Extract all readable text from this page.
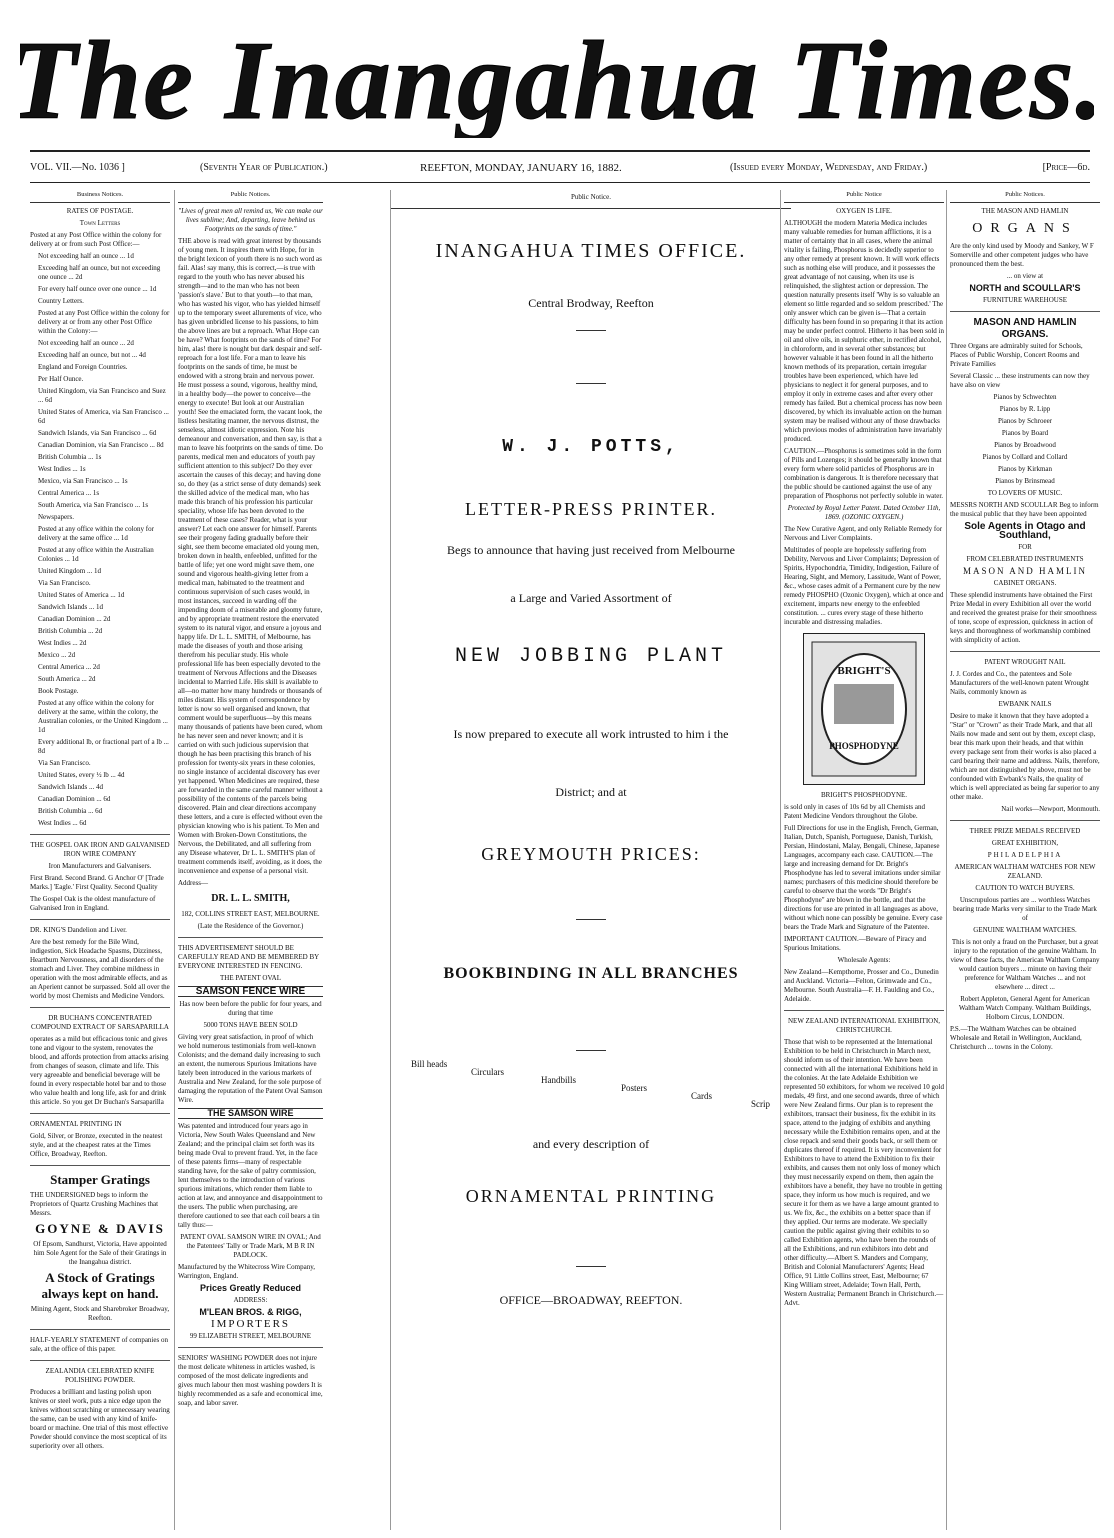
The Inangahua Times.
VOL. VII.—No. 1036 ]	(Seventh Year of Publication.)	REEFTON, MONDAY, JANUARY 16, 1882.	(Issued every Monday, Wednesday, and Friday.)	[Price—6d.
Business Notices.

RATES OF POSTAGE.

Town Letters

Posted at any Post Office within the colony for delivery at or from such Post Office:—

Not exceeding half an ounce ... 1d

Exceeding half an ounce, but not exceeding one ounce ... 2d

For every half ounce over one ounce ... 1d

Country Letters.

Posted at any Post Office within the colony for delivery at or from any other Post Office within the Colony:—

Not exceeding half an ounce ... 2d

Exceeding half an ounce, but not ... 4d

England and Foreign Countries.

Per Half Ounce.

United Kingdom, via San Francisco and Suez ... 6d

United States of America, via San Francisco ... 6d

Sandwich Islands, via San Francisco ... 6d

Canadian Dominion, via San Francisco ... 8d

British Columbia ... 1s

West Indies ... 1s

Mexico, via San Francisco ... 1s

Central America ... 1s

South America, via San Francisco ... 1s

Newspapers.

Posted at any office within the colony for delivery at the same office ... 1d

Posted at any office within the Australian Colonies ... 1d

United Kingdom ... 1d

Via San Francisco.

United States of America ... 1d

Sandwich Islands ... 1d

Canadian Dominion ... 2d

British Columbia ... 2d

West Indies ... 2d

Mexico ... 2d

Central America ... 2d

South America ... 2d

Book Postage.

Posted at any office within the colony for delivery at the same, within the colony, the Australian colonies, or the United Kingdom ... 1d

Every additional lb, or fractional part of a lb ... 8d

Via San Francisco.

United States, every ½ lb ... 4d

Sandwich Islands ... 4d

Canadian Dominion ... 6d

British Columbia ... 6d

West Indies ... 6d

THE GOSPEL OAK IRON AND GALVANISED IRON WIRE COMPANY

Iron Manufacturers and Galvanisers.

First Brand. Second Brand. G Anchor O' [Trade Marks.] 'Eagle.' First Quality. Second Quality

The Gospel Oak is the oldest manufacture of Galvanised Iron in England.

DR. KING'S Dandelion and Liver.

Are the best remedy for the Bile Wind, indigestion, Sick Headache Spasms, Dizziness, Heartburn Nervousness, and all disorders of the stomach and Liver. They combine mildness in operation with the most admirable effects, and as an Aperient cannot be surpassed. Sold all over the world by most Chemists and Medicine Vendors.

DR BUCHAN'S CONCENTRATED COMPOUND EXTRACT OF SARSAPARILLA

operates as a mild but efficacious tonic and gives tone and vigour to the system, renovates the blood, and affords protection from attacks arising from changes of season, climate and life. This very agreeable and beneficial beverage will be found in every respectable hotel bar and to those who value health and long life, ask for and drink this article. So you get Dr Buchan's Sarsaparilla

ORNAMENTAL PRINTING IN

Gold, Silver, or Bronze, executed in the neatest style, and at the cheapest rates at the Times Office, Broadway, Reefton.

Stamper Gratings

THE UNDERSIGNED begs to inform the Proprietors of Quartz Crushing Machines that Messrs.

GOYNE & DAVIS

Of Epsom, Sandhurst, Victoria, Have appointed him Sole Agent for the Sale of their Gratings in the Inangahua district.

A Stock of Gratings always kept on hand.

Mining Agent, Stock and Sharebroker Broadway, Reefton.

HALF-YEARLY STATEMENT of companies on sale, at the office of this paper.

ZEALANDIA CELEBRATED KNIFE POLISHING POWDER.

Produces a brilliant and lasting polish upon knives or steel work, puts a nice edge upon the knives without scratching or unnecessary wearing the same, can be used with any kind of knife-board or machine. One trial of this most effective Powder should convince the most sceptical of its superiority over all others.

Public Notices.

"Lives of great men all remind us, We can make our lives sublime; And, departing, leave behind us Footprints on the sands of time."

THE above is read with great interest by thousands of young men. It inspires them with Hope, for in the bright lexicon of youth there is no such word as fail. Alas! say many, this is correct,—is true with regard to the youth who has never abused his strength—and to the man who has not been 'passion's slave.' But to that youth—to that man, who has wasted his vigor, who has yielded himself up to the temporary sweet allurements of vice, who has given unbridled license to his passions, to him the above lines are but a reproach. What Hope can be have? What footprints on the sands of time? For him, alas! there is nought but dark despair and self-reproach for a lost life. For a man to leave his footprints on the sands of time, he must be endowed with a strong brain and nervous power. He must possess a sound, vigorous, healthy mind, in a healthy body—the power to conceive—the energy to execute! But look at our Australian youth! See the emaciated form, the vacant look, the listless hesitating manner, the nervous distrust, the senseless, almost idiotic expression. Note his demeanour and conversation, and then say, is that a man to leave his footprints on the sands of time. Do parents, medical men and educators of youth pay sufficient attention to this subject? Do they ever ascertain the causes of this decay; and having done so, do they (as a strict sense of duty demands) seek the skilled advice of the medical man, who has made this branch of his profession his particular speciality, whose life has been devoted to the treatment of these cases? Reader, what is your answer? Let each one answer for himself. Parents see their progeny fading gradually before their sight, see them become emaciated old young men, broken down in health, enfeebled, unfitted for the battle of life; yet one word might save them, one sound and vigorous health-giving letter from a medical man, habituated to the treatment and continuous supervision of such cases would, in most instances, succeed in warding off the impending doom of a miserable and gloomy future, and by appropriate treatment restore the enervated system to its natural vigor, and ensure a joyous and happy life. Dr L. L. SMITH, of Melbourne, has made the diseases of youth and those arising therefrom his peculiar study. His whole professional life has been especially devoted to the treatment of Nervous Affections and the Diseases incidental to Married Life. His skill is available to all—no matter how many hundreds or thousands of miles distant. His system of correspondence by letter is now so well organised and known, that comment would be superfluous—by this means many thousands of patients have been cured, whom he has never seen and never known; and it is carried on with such judicious supervision that though he has been practising this branch of his profession for twenty-six years in these colonies, no single instance of accidental discovery has ever yet happened. When Medicines are required, these are forwarded in the same careful manner without a possibility of the contents of the parcels being discovered. Plain and clear directions accompany these letters, and a cure is effected without even the physician knowing who is his patient. To Men and Women with Broken-Down Constitutions, the Nervous, the Debilitated, and all suffering from any Disease whatever, Dr L. L. SMITH'S plan of treatment commends itself, avoiding, as it does, the inconvenience and expense of a personal visit.

Address—

DR. L. L. SMITH,

182, COLLINS STREET EAST, MELBOURNE.

(Late the Residence of the Governor.)

THIS ADVERTISEMENT SHOULD BE CAREFULLY READ AND BE MEMBERED BY EVERYONE INTERESTED IN FENCING.

THE PATENT OVAL

SAMSON FENCE WIRE

Has now been before the public for four years, and during that time

5000 TONS HAVE BEEN SOLD

Giving very great satisfaction, in proof of which we hold numerous testimonials from well-known Colonists; and the demand daily increasing to such an extent, the numerous Spurious Imitations have lately been introduced in the various markets of Australia and New Zealand, for the sole purpose of damaging the reputation of the Patent Oval Samson Wire.

THE SAMSON WIRE

Was patented and introduced four years ago in Victoria, New South Wales Queensland and New Zealand; and the principal claim set forth was its being made Oval to prevent fraud. Yet, in the face of these patents firms—many of respectable standing have, for the sake of paltry commission, lent themselves to the introduction of various spurious imitations, which render them liable to action at law, and annoyance and disappointment to the users. The public when purchasing, are therefore cautioned to see that each coil bears a tin tally thus:—

PATENT OVAL SAMSON WIRE IN OVAL; And the Patentees' Tally or Trade Mark, M B R IN PADLOCK.

Manufactured by the Whitecross Wire Company, Warrington, England.

Prices Greatly Reduced

ADDRESS:

M'LEAN BROS. & RIGG,

IMPORTERS

99 ELIZABETH STREET, MELBOURNE

SENIORS' WASHING POWDER does not injure the most delicate whiteness in articles washed, is composed of the most delicate ingredients and gives much labour then most washing powders It is highly recommended as a safe and economical ime, soap, and labor saver.

Public Notice.

INANGAHUA TIMES OFFICE.

Central Brodway, Reefton

W. J. POTTS,

LETTER-PRESS PRINTER.

Begs to announce that having just received from Melbourne

a Large and Varied Assortment of

NEW JOBBING PLANT

Is now prepared to execute all work intrusted to him i the

District; and at

GREYMOUTH PRICES:

BOOKBINDING IN ALL BRANCHES

Bill heads
Circulars
Handbills
Posters
Cards
Scrip

and every description of

ORNAMENTAL PRINTING

OFFICE—BROADWAY, REEFTON.

Public Notice

OXYGEN IS LIFE.

ALTHOUGH the modern Materia Medica includes many valuable remedies for human afflictions, it is a matter of certainty that in all cases, where the animal vitality is failing, Phosphorus is decidedly superior to any other remedy at present known. It will work effects such as nothing else will produce, and it possesses the great advantage of not causing, when its use is relinquished, the slightest action or depression. The question naturally presents itself 'Why is so valuable an element so little regarded and so seldom prescribed.' The only answer which can be given is—That a certain difficulty has been found in so preparing it that its action may be under perfect control. Hitherto it has been sold in oil and olive oils, in sulphuric ether, in rectified alcohol, in chloroform, and in several other substances; but however valuable it has been found in all the hitherto known methods of its preparation, certain irregular troubles have been experienced, which have led physicians to neglect it for general purposes, and to employ it only in extreme cases and after every other remedy has failed. But a chemical process has now been discovered, by which its invaluable action on the human system may be realised without any of those drawbacks which previous modes of administration have invariably produced.

CAUTION.—Phosphorus is sometimes sold in the form of Pills and Lozenges; it should be generally known that every form where solid particles of Phosphorus are in combination is dangerous. It is therefore necessary that the public should be cautioned against the use of any preparation of Phosphorus not perfectly soluble in water.

Protected by Royal Letter Patent. Dated October 11th, 1869. (OZONIC OXYGEN.)

The New Curative Agent, and only Reliable Remedy for Nervous and Liver Complaints.

Multitudes of people are hopelessly suffering from Debility, Nervous and Liver Complaints; Depression of Spirits, Hypochondria, Timidity, Indigestion, Failure of Hearing, Sight, and Memory, Lassitude, Want of Power, &c., whose cases admit of a Permanent cure by the new remedy PHOSPHO (Ozonic Oxygen), which at once and excitement, imparts new energy to the enfeebled constitution. ... cures every stage of these hitherto incurable and distressing maladies.

BRIGHT'S
PHOSPHODYNE

BRIGHT'S PHOSPHODYNE.

is sold only in cases of 10s 6d by all Chemists and Patent Medicine Vendors throughout the Globe.

Full Directions for use in the English, French, German, Italian, Dutch, Spanish, Portuguese, Danish, Turkish, Persian, Hindostani, Malay, Bengali, Chinese, Japanese Languages, accompany each case. CAUTION.—The large and increasing demand for Dr. Bright's Phosphodyne has led to several imitations under similar names; purchasers of this medicine should therefore be careful to observe that the words "Dr Bright's Phosphodyne" are blown in the bottle, and that the directions for use are printed in all languages as above, without which none can possibly be genuine. Every case bears the Trade Mark and Signature of the Patentee.

IMPORTANT CAUTION.—Beware of Piracy and Spurious Imitations.

Wholesale Agents:

New Zealand—Kempthorne, Prosser and Co., Dunedin and Auckland. Victoria—Felton, Grimwade and Co., Melbourne. South Australia—F. H. Faulding and Co., Adelaide.

NEW ZEALAND INTERNATIONAL EXHIBITION, CHRISTCHURCH.

Those that wish to be represented at the International Exhibition to be held in Christchurch in March next, should inform us of their intention. We have been connected with all the international Exhibitions held in the colonies. At the late Adelaide Exhibition we represented 50 exhibitors, for whom we received 10 gold medals, 49 first, and one second awards, three of which were New Zealand firms. Our plan is to represent the exhibitors, transact their business, fix the exhibit in its space, attend to the judging of exhibits and anything necessary while the Exhibition remains open, and at the close repack and send their goods back, or sell them or duplicates thereof if required. It is very inconvenient for Exhibitors to have to attend the Exhibition to fix their exhibits, and causes them not only loss of money which they must necessarily expend on them, then again the exhibitors have a benefit, they have no trouble in getting space, they inform us how much is required, and we secure it for them as we have a large amount granted to us. We fix, &c., the exhibits on a better space than if they applied. Our terms are moderate. We specially caution the public against giving their exhibits to so called Exhibition agents, who have been the rounds of all the Exhibitions, and run exhibitors into debt and other difficulty.—Albert S. Manders and Company, British and Colonial Manufacturers' Agents; Head Office, 91 Little Collins street, East, Melbourne; 67 King William street, Adelaide; Town Hall, Perth, Western Australia; Permanent Branch in Christchurch.—Advt.

Public Notices.

THE MASON AND HAMLIN

ORGANS

Are the only kind used by Moody and Sankey, W F Somerville and other competent judges who have pronounced them the best.

... on view at

NORTH and SCOULLAR'S

FURNITURE WAREHOUSE

MASON AND HAMLIN

ORGANS.

Three Organs are admirably suited for Schools, Places of Public Worship, Concert Rooms and Private Families

Several Classic ... these instruments can now they have also on view

Pianos by Schwechten

Pianos by R. Lipp

Pianos by Schroeer

Pianos by Board

Pianos by Broadwood

Pianos by Collard and Collard

Pianos by Kirkman

Pianos by Brinsmead

TO LOVERS OF MUSIC.

MESSRS NORTH AND SCOULLAR Beg to inform the musical public that they have been appointed

Sole Agents in Otago and Southland,

FOR

FROM CELEBRATED INSTRUMENTS

MASON AND HAMLIN

CABINET ORGANS.

These splendid instruments have obtained the First Prize Medal in every Exhibition all over the world and received the greatest praise for their smoothness of tone, scope of expression, quickness in action of keys and thoroughness of workmanship combined with simplicity of action.

PATENT WROUGHT NAIL

J. J. Cordes and Co., the patentees and Sole Manufacturers of the well-known patent Wrought Nails, commonly known as

EWBANK NAILS

Desire to make it known that they have adopted a "Star" or "Crown" as their Trade Mark, and that all Nails now made and sent out by them, except clasp, bear this mark upon their heads, and that within every package sent from their works is also placed a card bearing their name and address. Nails, therefore, which are not distinguished by above, must not be confounded with Ewbank's Nails, the quality of which is well appreciated as being far superior to any other make.

Nail works—Newport, Monmouth.

THREE PRIZE MEDALS RECEIVED

GREAT EXHIBITION,

PHILADELPHIA

AMERICAN WALTHAM WATCHES FOR NEW ZEALAND.

CAUTION TO WATCH BUYERS.

Unscrupulous parties are ... worthless Watches bearing trade Marks very similar to the Trade Mark of

GENUINE WALTHAM WATCHES.

This is not only a fraud on the Purchaser, but a great injury to the reputation of the genuine Waltham. In view of these facts, the American Waltham Company would caution buyers ... minute on having their preference for Waltham Watches ... and not elsewhere ... direct ...

Robert Appleton, General Agent for American Waltham Watch Company. Waltham Buildings, Holborn Circus, LONDON.

P.S.—The Waltham Watches can be obtained Wholesale and Retail in Wellington, Auckland, Christchurch ... towns in the Colony.
